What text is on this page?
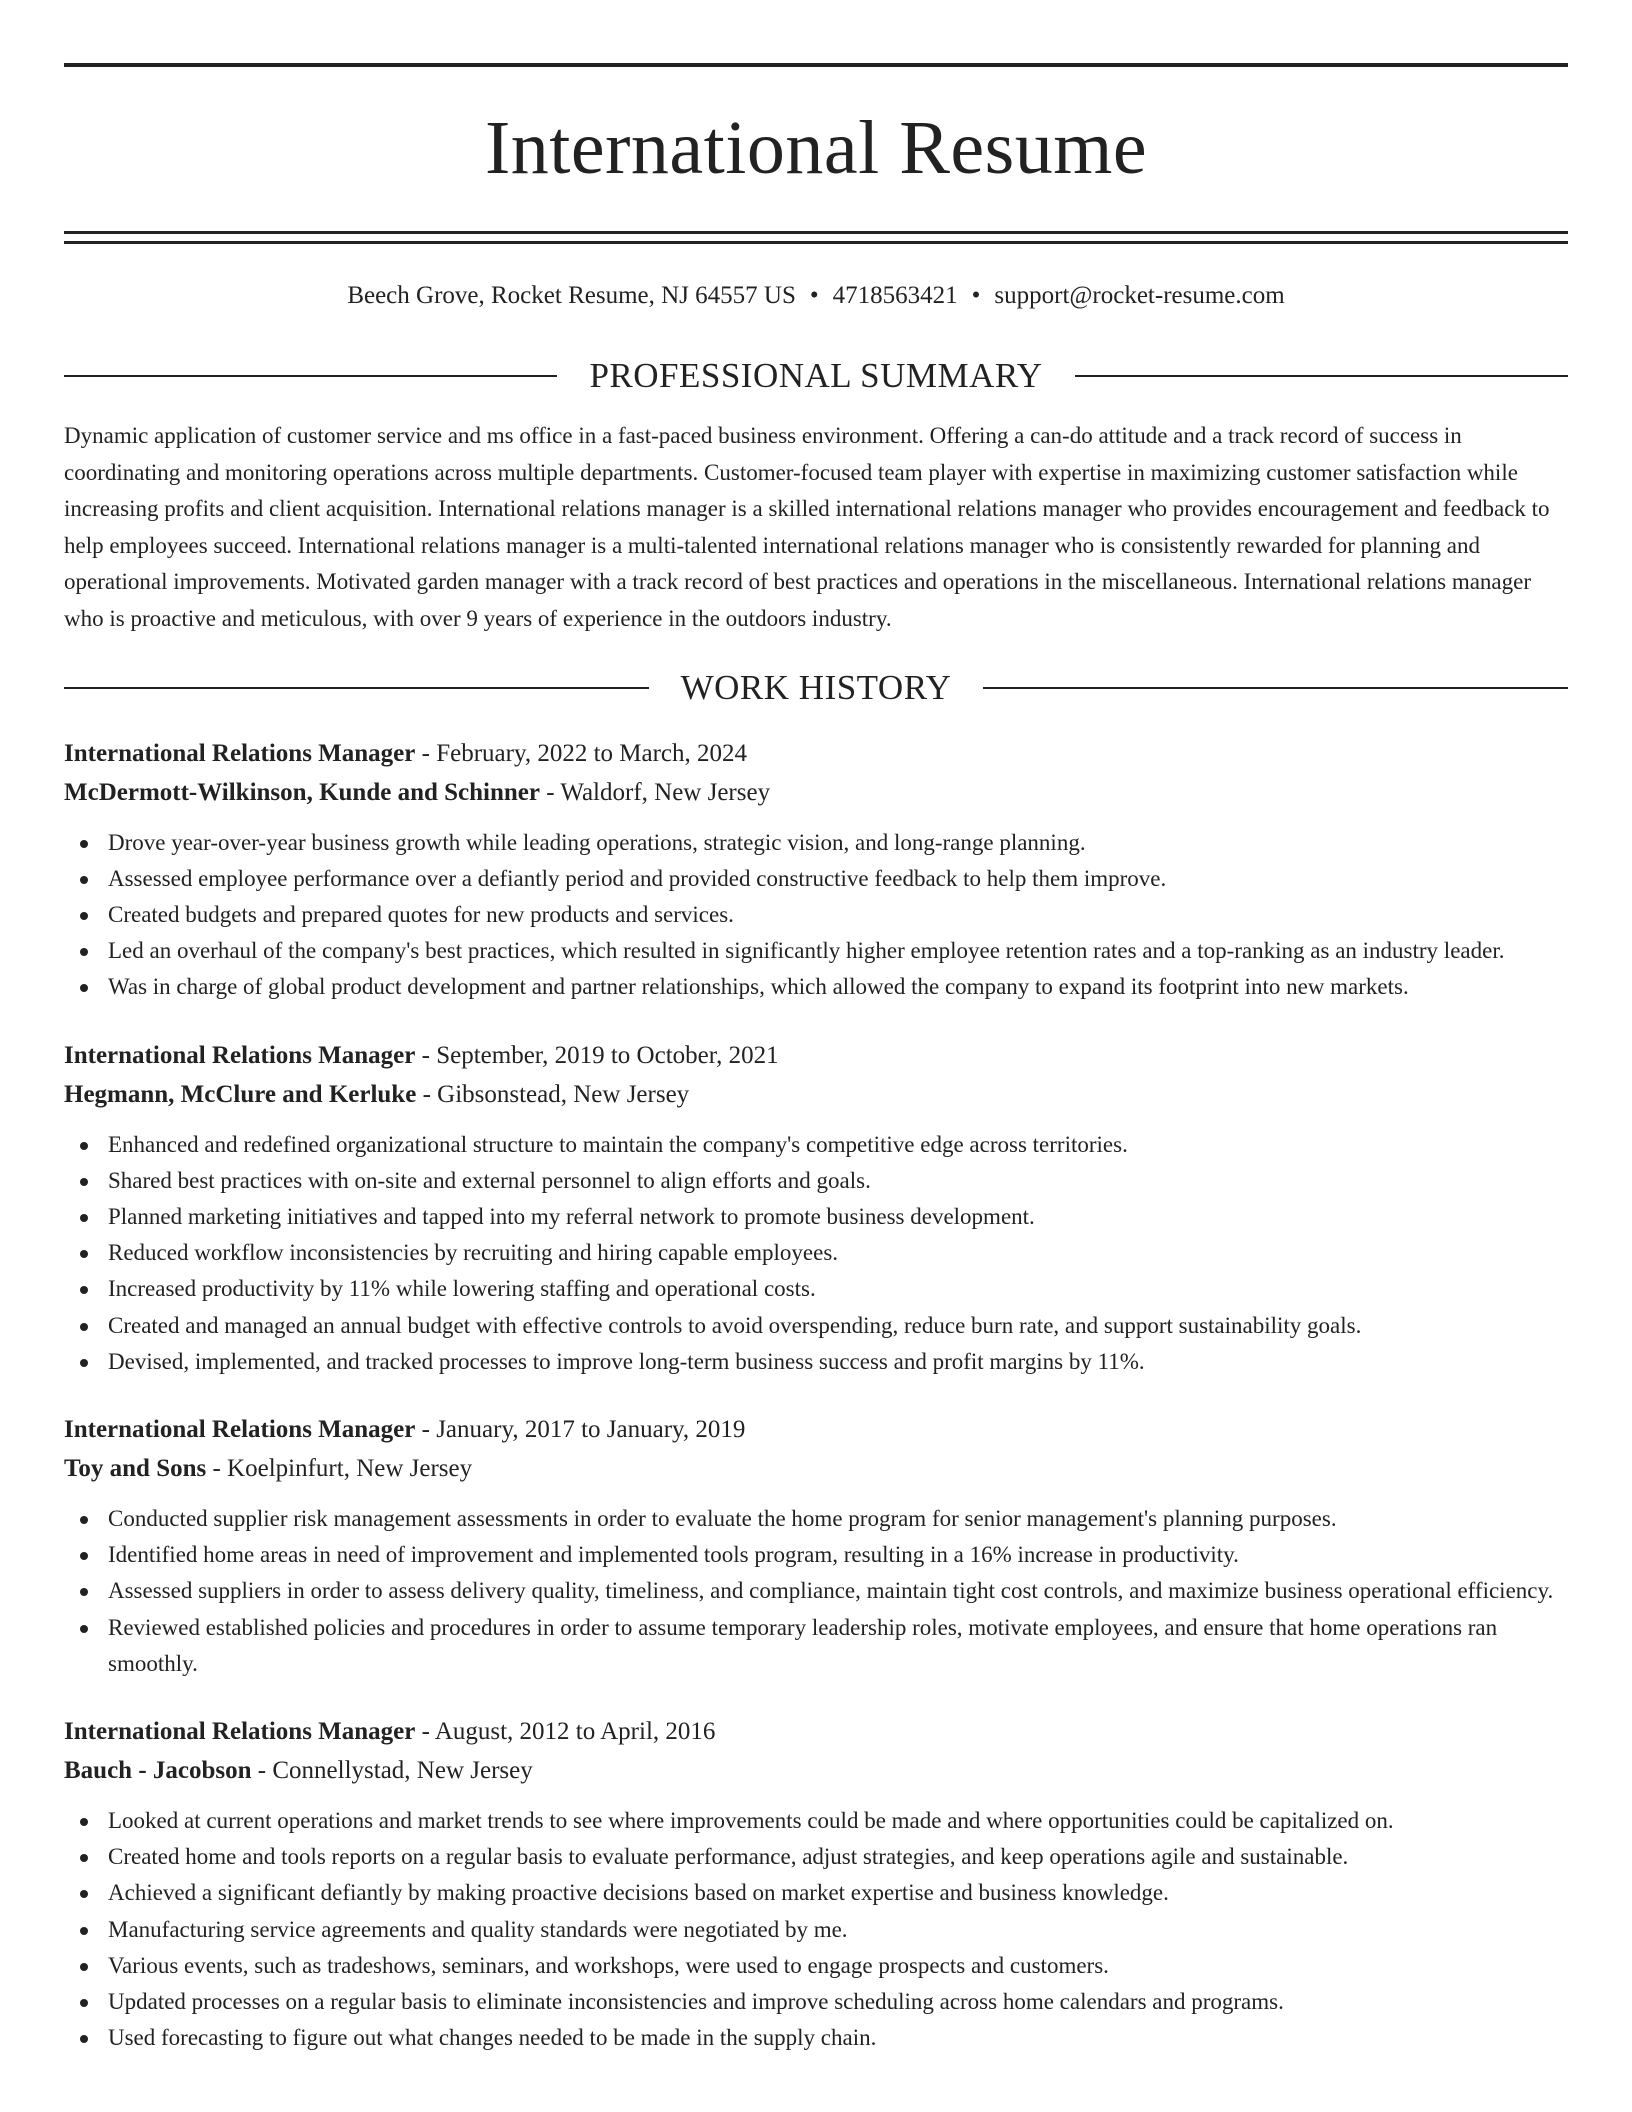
International Resume
Beech Grove, Rocket Resume, NJ 64557 US • 4718563421 • support@rocket-resume.com
PROFESSIONAL SUMMARY

Dynamic application of customer service and ms office in a fast-paced business environment. Offering a can-do attitude and a track record of success in coordinating and monitoring operations across multiple departments. Customer-focused team player with expertise in maximizing customer satisfaction while increasing profits and client acquisition. International relations manager is a skilled international relations manager who provides encouragement and feedback to help employees succeed. International relations manager is a multi-talented international relations manager who is consistently rewarded for planning and operational improvements. Motivated garden manager with a track record of best practices and operations in the miscellaneous. International relations manager who is proactive and meticulous, with over 9 years of experience in the outdoors industry.

WORK HISTORY
International Relations Manager - February, 2022 to March, 2024
McDermott-Wilkinson, Kunde and Schinner - Waldorf, New Jersey
Drove year-over-year business growth while leading operations, strategic vision, and long-range planning.
Assessed employee performance over a defiantly period and provided constructive feedback to help them improve.
Created budgets and prepared quotes for new products and services.
Led an overhaul of the company's best practices, which resulted in significantly higher employee retention rates and a top-ranking as an industry leader.
Was in charge of global product development and partner relationships, which allowed the company to expand its footprint into new markets.
International Relations Manager - September, 2019 to October, 2021
Hegmann, McClure and Kerluke - Gibsonstead, New Jersey
Enhanced and redefined organizational structure to maintain the company's competitive edge across territories.
Shared best practices with on-site and external personnel to align efforts and goals.
Planned marketing initiatives and tapped into my referral network to promote business development.
Reduced workflow inconsistencies by recruiting and hiring capable employees.
Increased productivity by 11% while lowering staffing and operational costs.
Created and managed an annual budget with effective controls to avoid overspending, reduce burn rate, and support sustainability goals.
Devised, implemented, and tracked processes to improve long-term business success and profit margins by 11%.
International Relations Manager - January, 2017 to January, 2019
Toy and Sons - Koelpinfurt, New Jersey
Conducted supplier risk management assessments in order to evaluate the home program for senior management's planning purposes.
Identified home areas in need of improvement and implemented tools program, resulting in a 16% increase in productivity.
Assessed suppliers in order to assess delivery quality, timeliness, and compliance, maintain tight cost controls, and maximize business operational efficiency.
Reviewed established policies and procedures in order to assume temporary leadership roles, motivate employees, and ensure that home operations ran smoothly.
International Relations Manager - August, 2012 to April, 2016
Bauch - Jacobson - Connellystad, New Jersey
Looked at current operations and market trends to see where improvements could be made and where opportunities could be capitalized on.
Created home and tools reports on a regular basis to evaluate performance, adjust strategies, and keep operations agile and sustainable.
Achieved a significant defiantly by making proactive decisions based on market expertise and business knowledge.
Manufacturing service agreements and quality standards were negotiated by me.
Various events, such as tradeshows, seminars, and workshops, were used to engage prospects and customers.
Updated processes on a regular basis to eliminate inconsistencies and improve scheduling across home calendars and programs.
Used forecasting to figure out what changes needed to be made in the supply chain.
